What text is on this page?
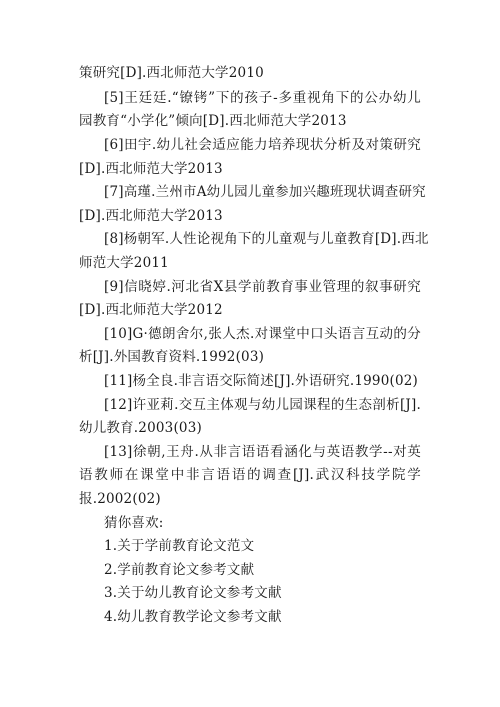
策研究[D].西北师范大学2010
[5]王廷廷.“镣铐”下的孩子-多重视角下的公办幼儿
园教育“小学化”倾向[D].西北师范大学2013
[6]田宇.幼儿社会适应能力培养现状分析及对策研究
[D].西北师范大学2013
[7]高瑾.兰州市A幼儿园儿童参加兴趣班现状调查研究
[D].西北师范大学2013
[8]杨朝军.人性论视角下的儿童观与儿童教育[D].西北
师范大学2011
[9]信晓婷.河北省X县学前教育事业管理的叙事研究
[D].西北师范大学2012
[10]G·德朗舍尔,张人杰.对课堂中口头语言互动的分
析[J].外国教育资料.1992(03)
[11]杨全良.非言语交际简述[J].外语研究.1990(02)
[12]许亚莉.交互主体观与幼儿园课程的生态剖析[J].
幼儿教育.2003(03)
[13]徐朝,王舟.从非言语语看涵化与英语教学--对英
语教师在课堂中非言语语的调查[J].武汉科技学院学
报.2002(02)
猜你喜欢:
1.关于学前教育论文范文
2.学前教育论文参考文献
3.关于幼儿教育论文参考文献
4.幼儿教育教学论文参考文献
